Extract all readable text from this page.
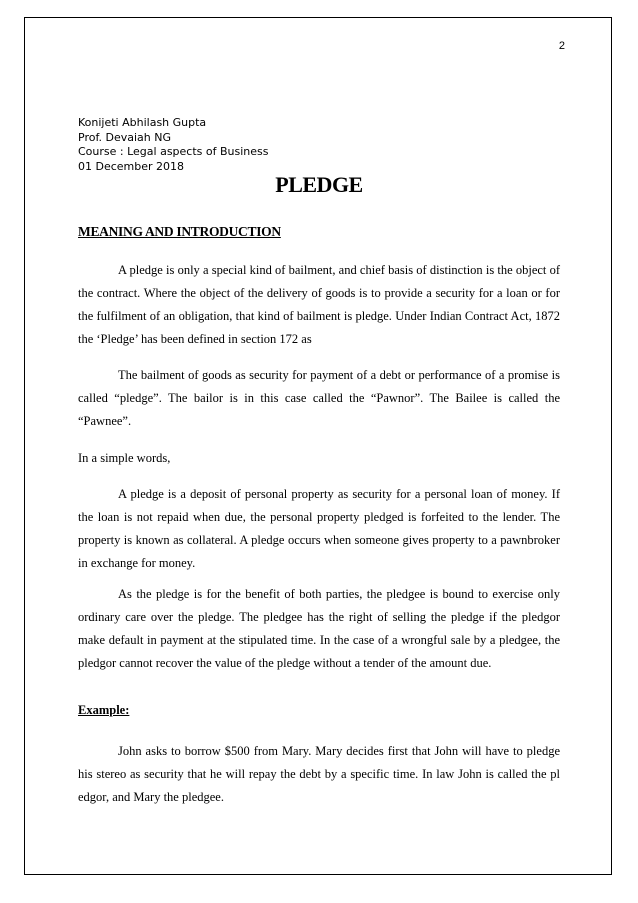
2
Konijeti Abhilash Gupta
Prof. Devaiah NG
Course : Legal aspects of Business
01 December 2018
PLEDGE
MEANING AND INTRODUCTION

A pledge is only a special kind of bailment, and chief basis of distinction is the object of the contract. Where the object of the delivery of goods is to provide a security for a loan or for the fulfilment of an obligation, that kind of bailment is pledge. Under Indian Contract Act, 1872 the ‘Pledge’ has been defined in section 172 as

The bailment of goods as security for payment of a debt or performance of a promise is called “pledge”. The bailor is in this case called the “Pawnor”. The Bailee is called the “Pawnee”.

In a simple words,

A pledge is a deposit of personal property as security for a personal loan of money. If the loan is not repaid when due, the personal property pledged is forfeited to the lender. The property is known as collateral. A pledge occurs when someone gives property to a pawnbroker in exchange for money.

As the pledge is for the benefit of both parties, the pledgee is bound to exercise only ordinary care over the pledge. The pledgee has the right of selling the pledge if the pledgor make default in payment at the stipulated time. In the case of a wrongful sale by a pledgee, the pledgor cannot recover the value of the pledge without a tender of the amount due.

Example:

John asks to borrow $500 from Mary. Mary decides first that John will have to pledge his stereo as security that he will repay the debt by a specific time. In law John is called the pl edgor, and Mary the pledgee.
